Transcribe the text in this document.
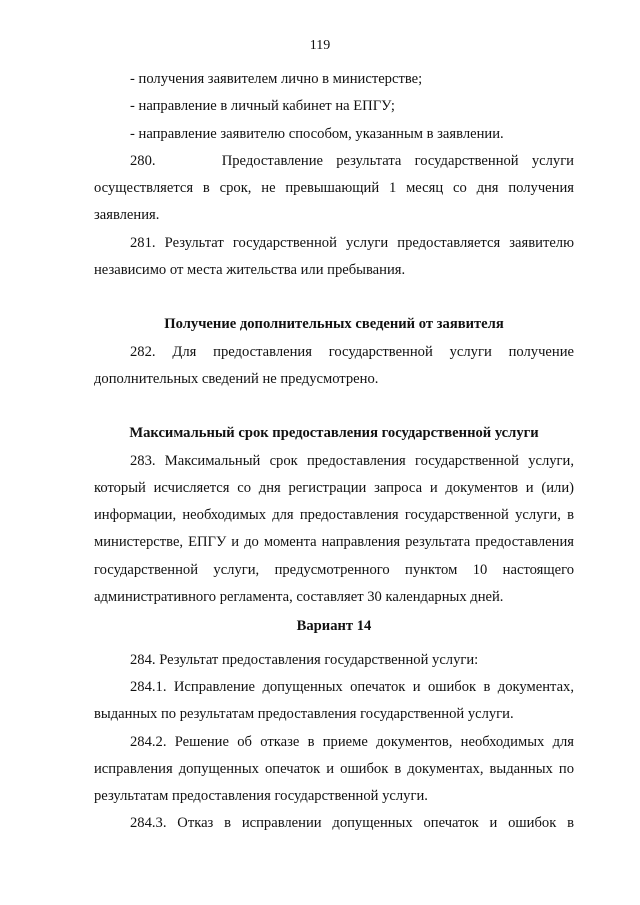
119

- получения заявителем лично в министерстве;

- направление в личный кабинет на ЕПГУ;

- направление заявителю способом, указанным в заявлении.

280.     Предоставление результата государственной услуги осуществляется в срок, не превышающий 1 месяц со дня получения заявления.

281. Результат государственной услуги предоставляется заявителю независимо от места жительства или пребывания.

Получение дополнительных сведений от заявителя

282. Для предоставления государственной услуги получение дополнительных сведений не предусмотрено.

Максимальный срок предоставления государственной услуги

283. Максимальный срок предоставления государственной услуги, который исчисляется со дня регистрации запроса и документов и (или) информации, необходимых для предоставления государственной услуги, в министерстве, ЕПГУ и до момента направления результата предоставления государственной услуги, предусмотренного пунктом 10 настоящего административного регламента, составляет 30 календарных дней.

Вариант 14

284. Результат предоставления государственной услуги:

284.1. Исправление допущенных опечаток и ошибок в документах, выданных по результатам предоставления государственной услуги.

284.2. Решение об отказе в приеме документов, необходимых для исправления допущенных опечаток и ошибок в документах, выданных по результатам предоставления государственной услуги.

284.3. Отказ в исправлении допущенных опечаток и ошибок в
